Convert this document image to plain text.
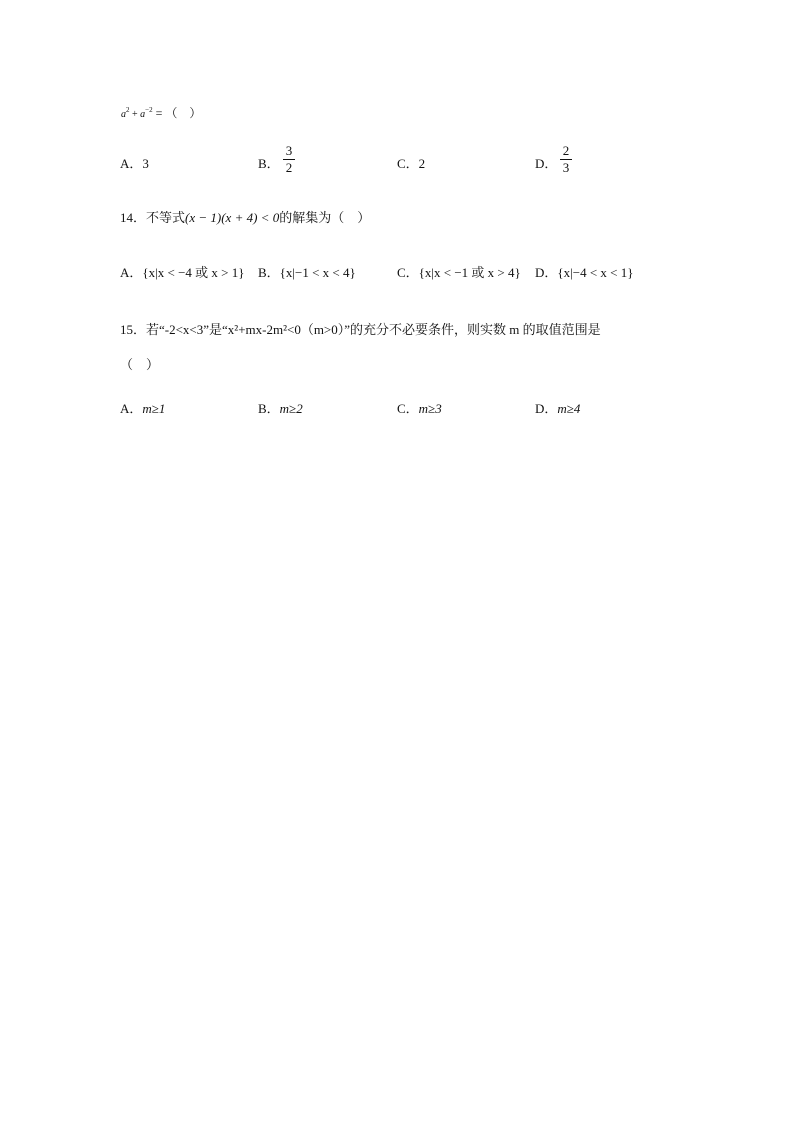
$a^2 + a^{-2}$ = （　）
A．3	B．
3
2	C．2	D．
2
3
14．不等式(x − 1)(x + 4) < 0的解集为（　）
A．{x|x < −4 或 x > 1} B．{x|−1 < x < 4}	C．{x|x < −1 或 x > 4} D．{x|−4 < x < 1}
15．若“-2<x<3”是“x²+mx-2m²<0（m>0）”的充分不必要条件，则实数 m 的取值范围是
（　）
A．m≥1	B．m≥2	C．m≥3	D．m≥4
